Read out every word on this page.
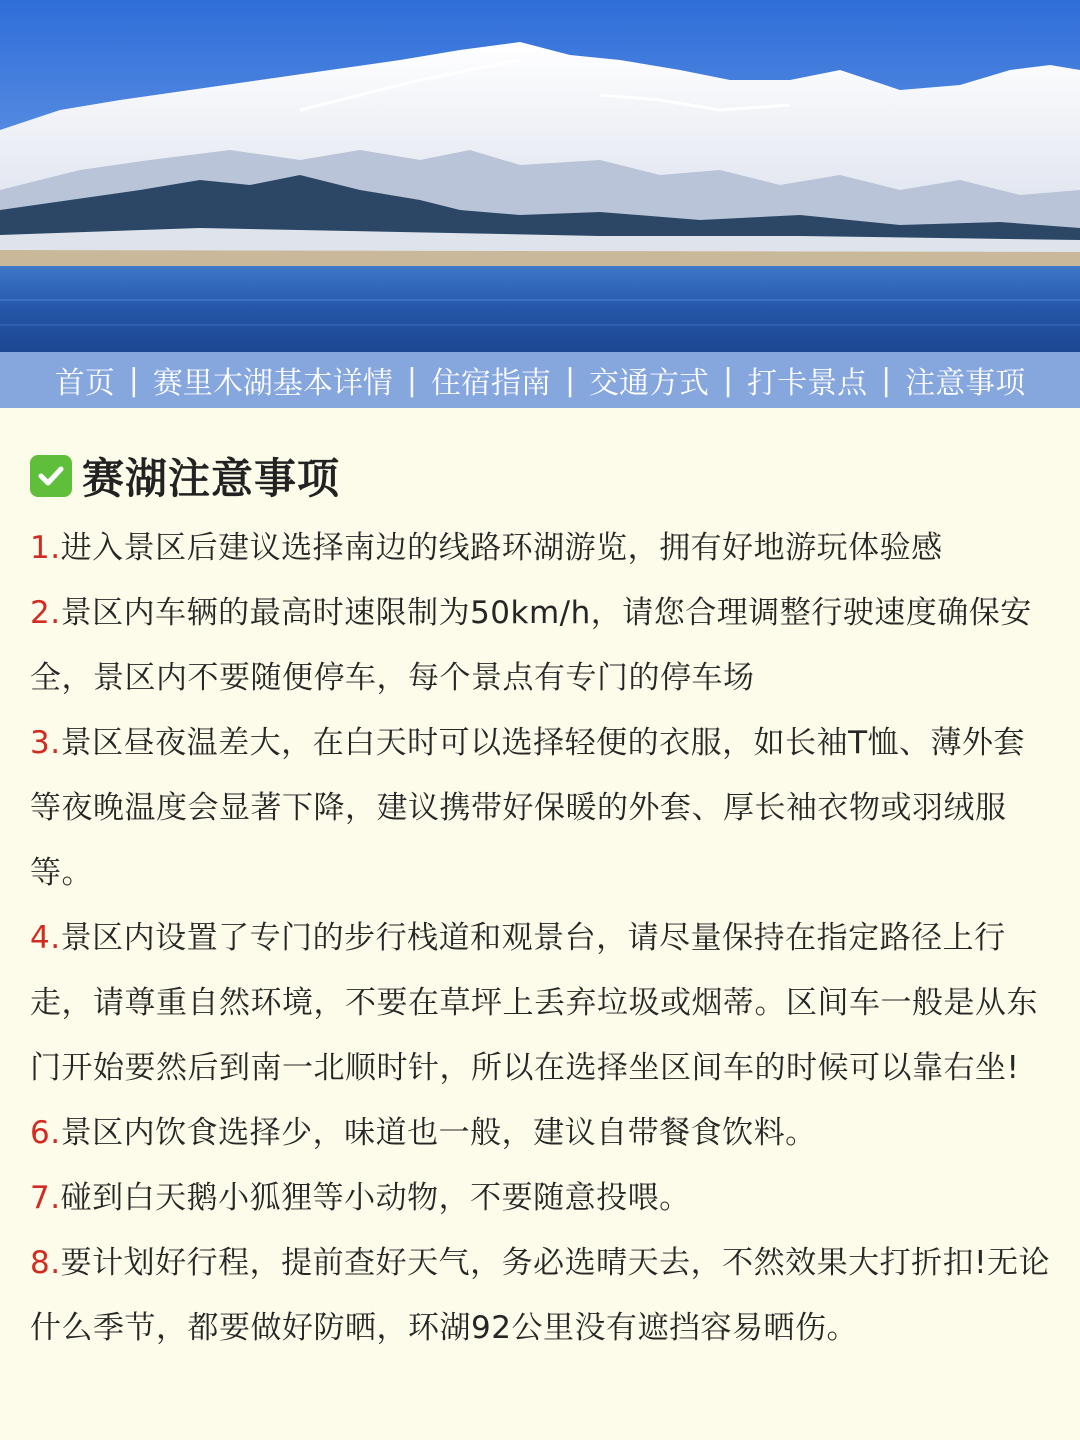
首页 | 赛里木湖基本详情 | 住宿指南 | 交通方式 | 打卡景点 | 注意事项
赛湖注意事项
1.进入景区后建议选择南边的线路环湖游览，拥有好地游玩体验感
2.景区内车辆的最高时速限制为50km/h，请您合理调整行驶速度确保安全，景区内不要随便停车，每个景点有专门的停车场
3.景区昼夜温差大，在白天时可以选择轻便的衣服，如长袖T恤、薄外套等夜晚温度会显著下降，建议携带好保暖的外套、厚长袖衣物或羽绒服等。
4.景区内设置了专门的步行栈道和观景台，请尽量保持在指定路径上行走，请尊重自然环境，不要在草坪上丢弃垃圾或烟蒂。区间车一般是从东门开始要然后到南一北顺时针，所以在选择坐区间车的时候可以靠右坐!
6.景区内饮食选择少，味道也一般，建议自带餐食饮料。
7.碰到白天鹅小狐狸等小动物，不要随意投喂。
8.要计划好行程，提前查好天气，务必选晴天去，不然效果大打折扣!无论什么季节，都要做好防晒，环湖92公里没有遮挡容易晒伤。
